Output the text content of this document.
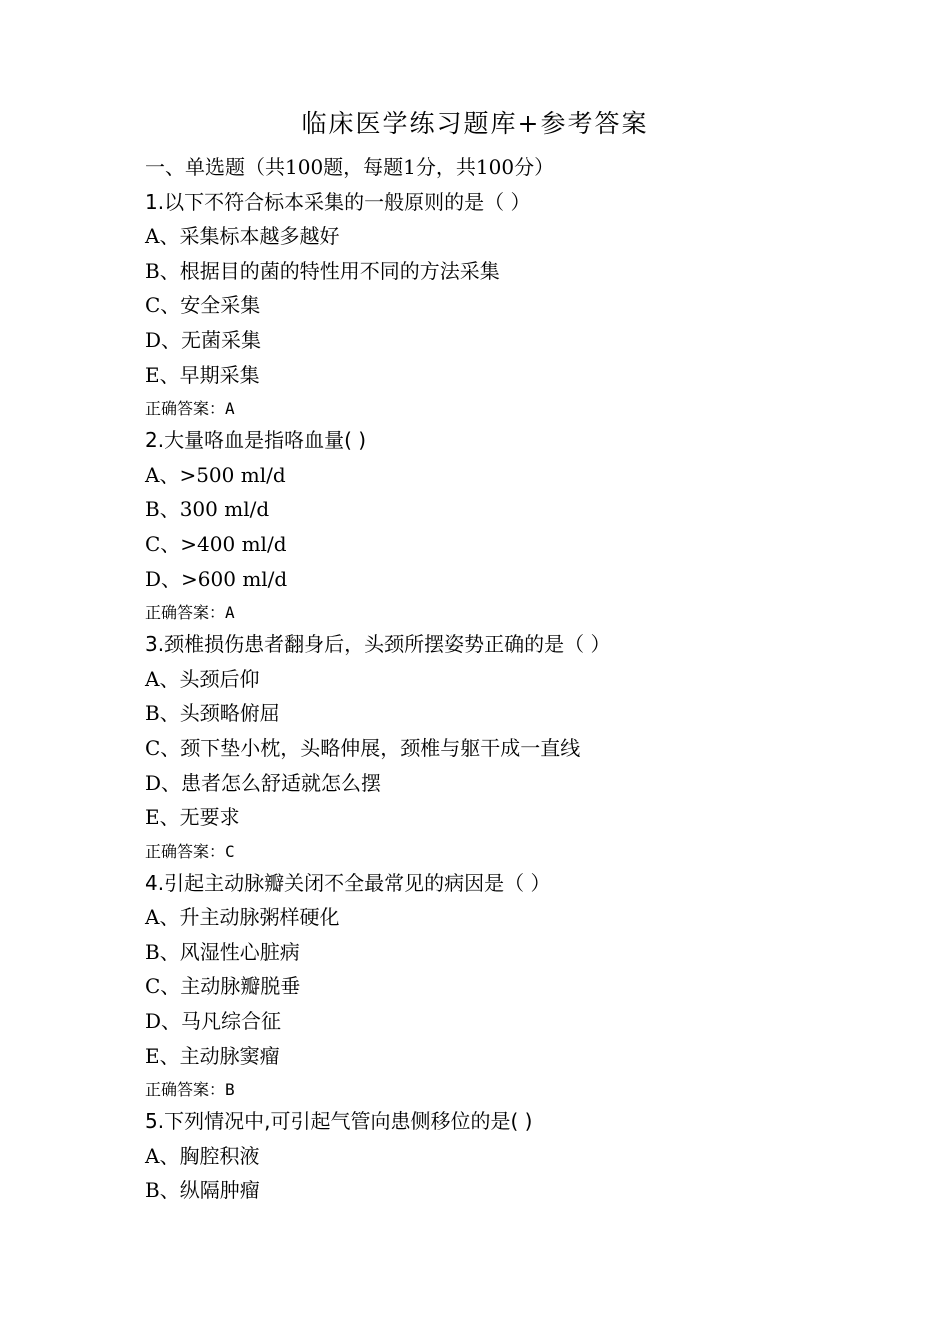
临床医学练习题库+参考答案
一、单选题（共100题，每题1分，共100分）
1.以下不符合标本采集的一般原则的是（ ）
A、采集标本越多越好
B、根据目的菌的特性用不同的方法采集
C、安全采集
D、无菌采集
E、早期采集
正确答案：A
2.大量咯血是指咯血量( )
A、>500 ml/d
B、300 ml/d
C、>400 ml/d
D、>600 ml/d
正确答案：A
3.颈椎损伤患者翻身后，头颈所摆姿势正确的是（ ）
A、头颈后仰
B、头颈略俯屈
C、颈下垫小枕，头略伸展，颈椎与躯干成一直线
D、患者怎么舒适就怎么摆
E、无要求
正确答案：C
4.引起主动脉瓣关闭不全最常见的病因是（ ）
A、升主动脉粥样硬化
B、风湿性心脏病
C、主动脉瓣脱垂
D、马凡综合征
E、主动脉窦瘤
正确答案：B
5.下列情况中,可引起气管向患侧移位的是( )
A、胸腔积液
B、纵隔肿瘤
